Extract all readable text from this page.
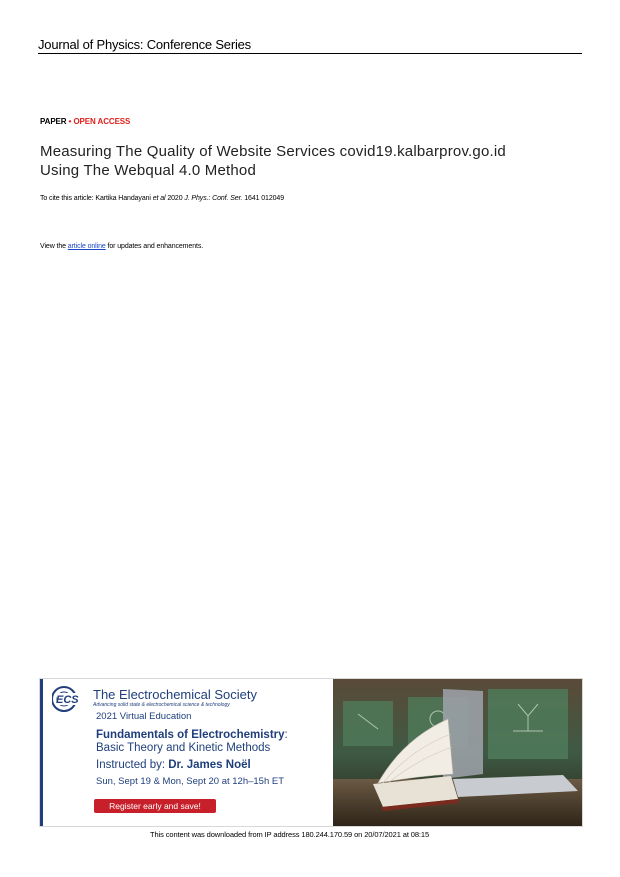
Journal of Physics: Conference Series
PAPER • OPEN ACCESS
Measuring The Quality of Website Services covid19.kalbarprov.go.id
Using The Webqual 4.0 Method
To cite this article: Kartika Handayani et al 2020 J. Phys.: Conf. Ser. 1641 012049
View the article online for updates and enhancements.
ECS The Electrochemical Society
Advancing solid state & electrochemical science & technology
2021 Virtual Education
Fundamentals of Electrochemistry:
Basic Theory and Kinetic Methods
Instructed by: Dr. James Noël
Sun, Sept 19 & Mon, Sept 20 at 12h–15h ET
Register early and save!
This content was downloaded from IP address 180.244.170.59 on 20/07/2021 at 08:15
